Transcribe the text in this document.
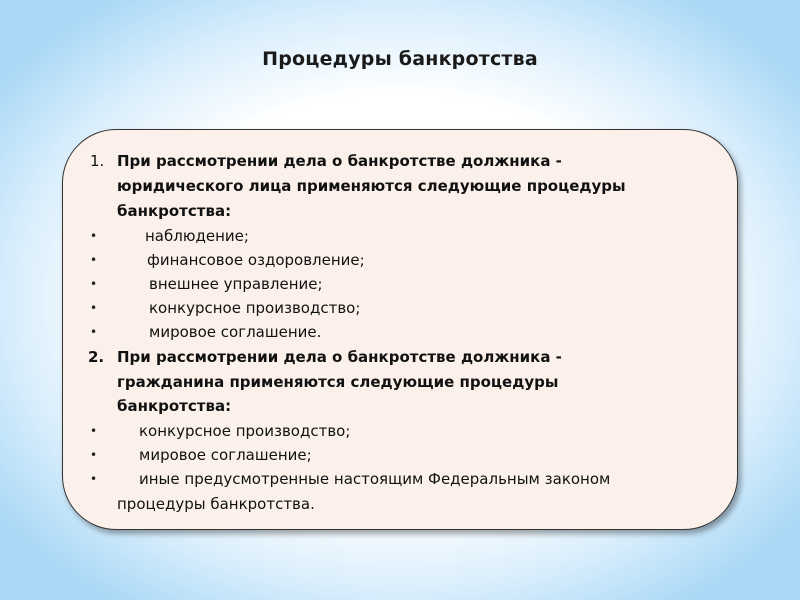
Процедуры банкротства
1. При рассмотрении дела о банкротстве должника -
юридического лица применяются следующие процедуры
банкротства:
•	наблюдение;
•	финансовое оздоровление;
•	внешнее управление;
•	конкурсное производство;
•	мировое соглашение.
2. При рассмотрении дела о банкротстве должника -
гражданина применяются следующие процедуры
банкротства:
•	конкурсное производство;
•	мировое соглашение;
•	иные предусмотренные настоящим Федеральным законом
процедуры банкротства.
